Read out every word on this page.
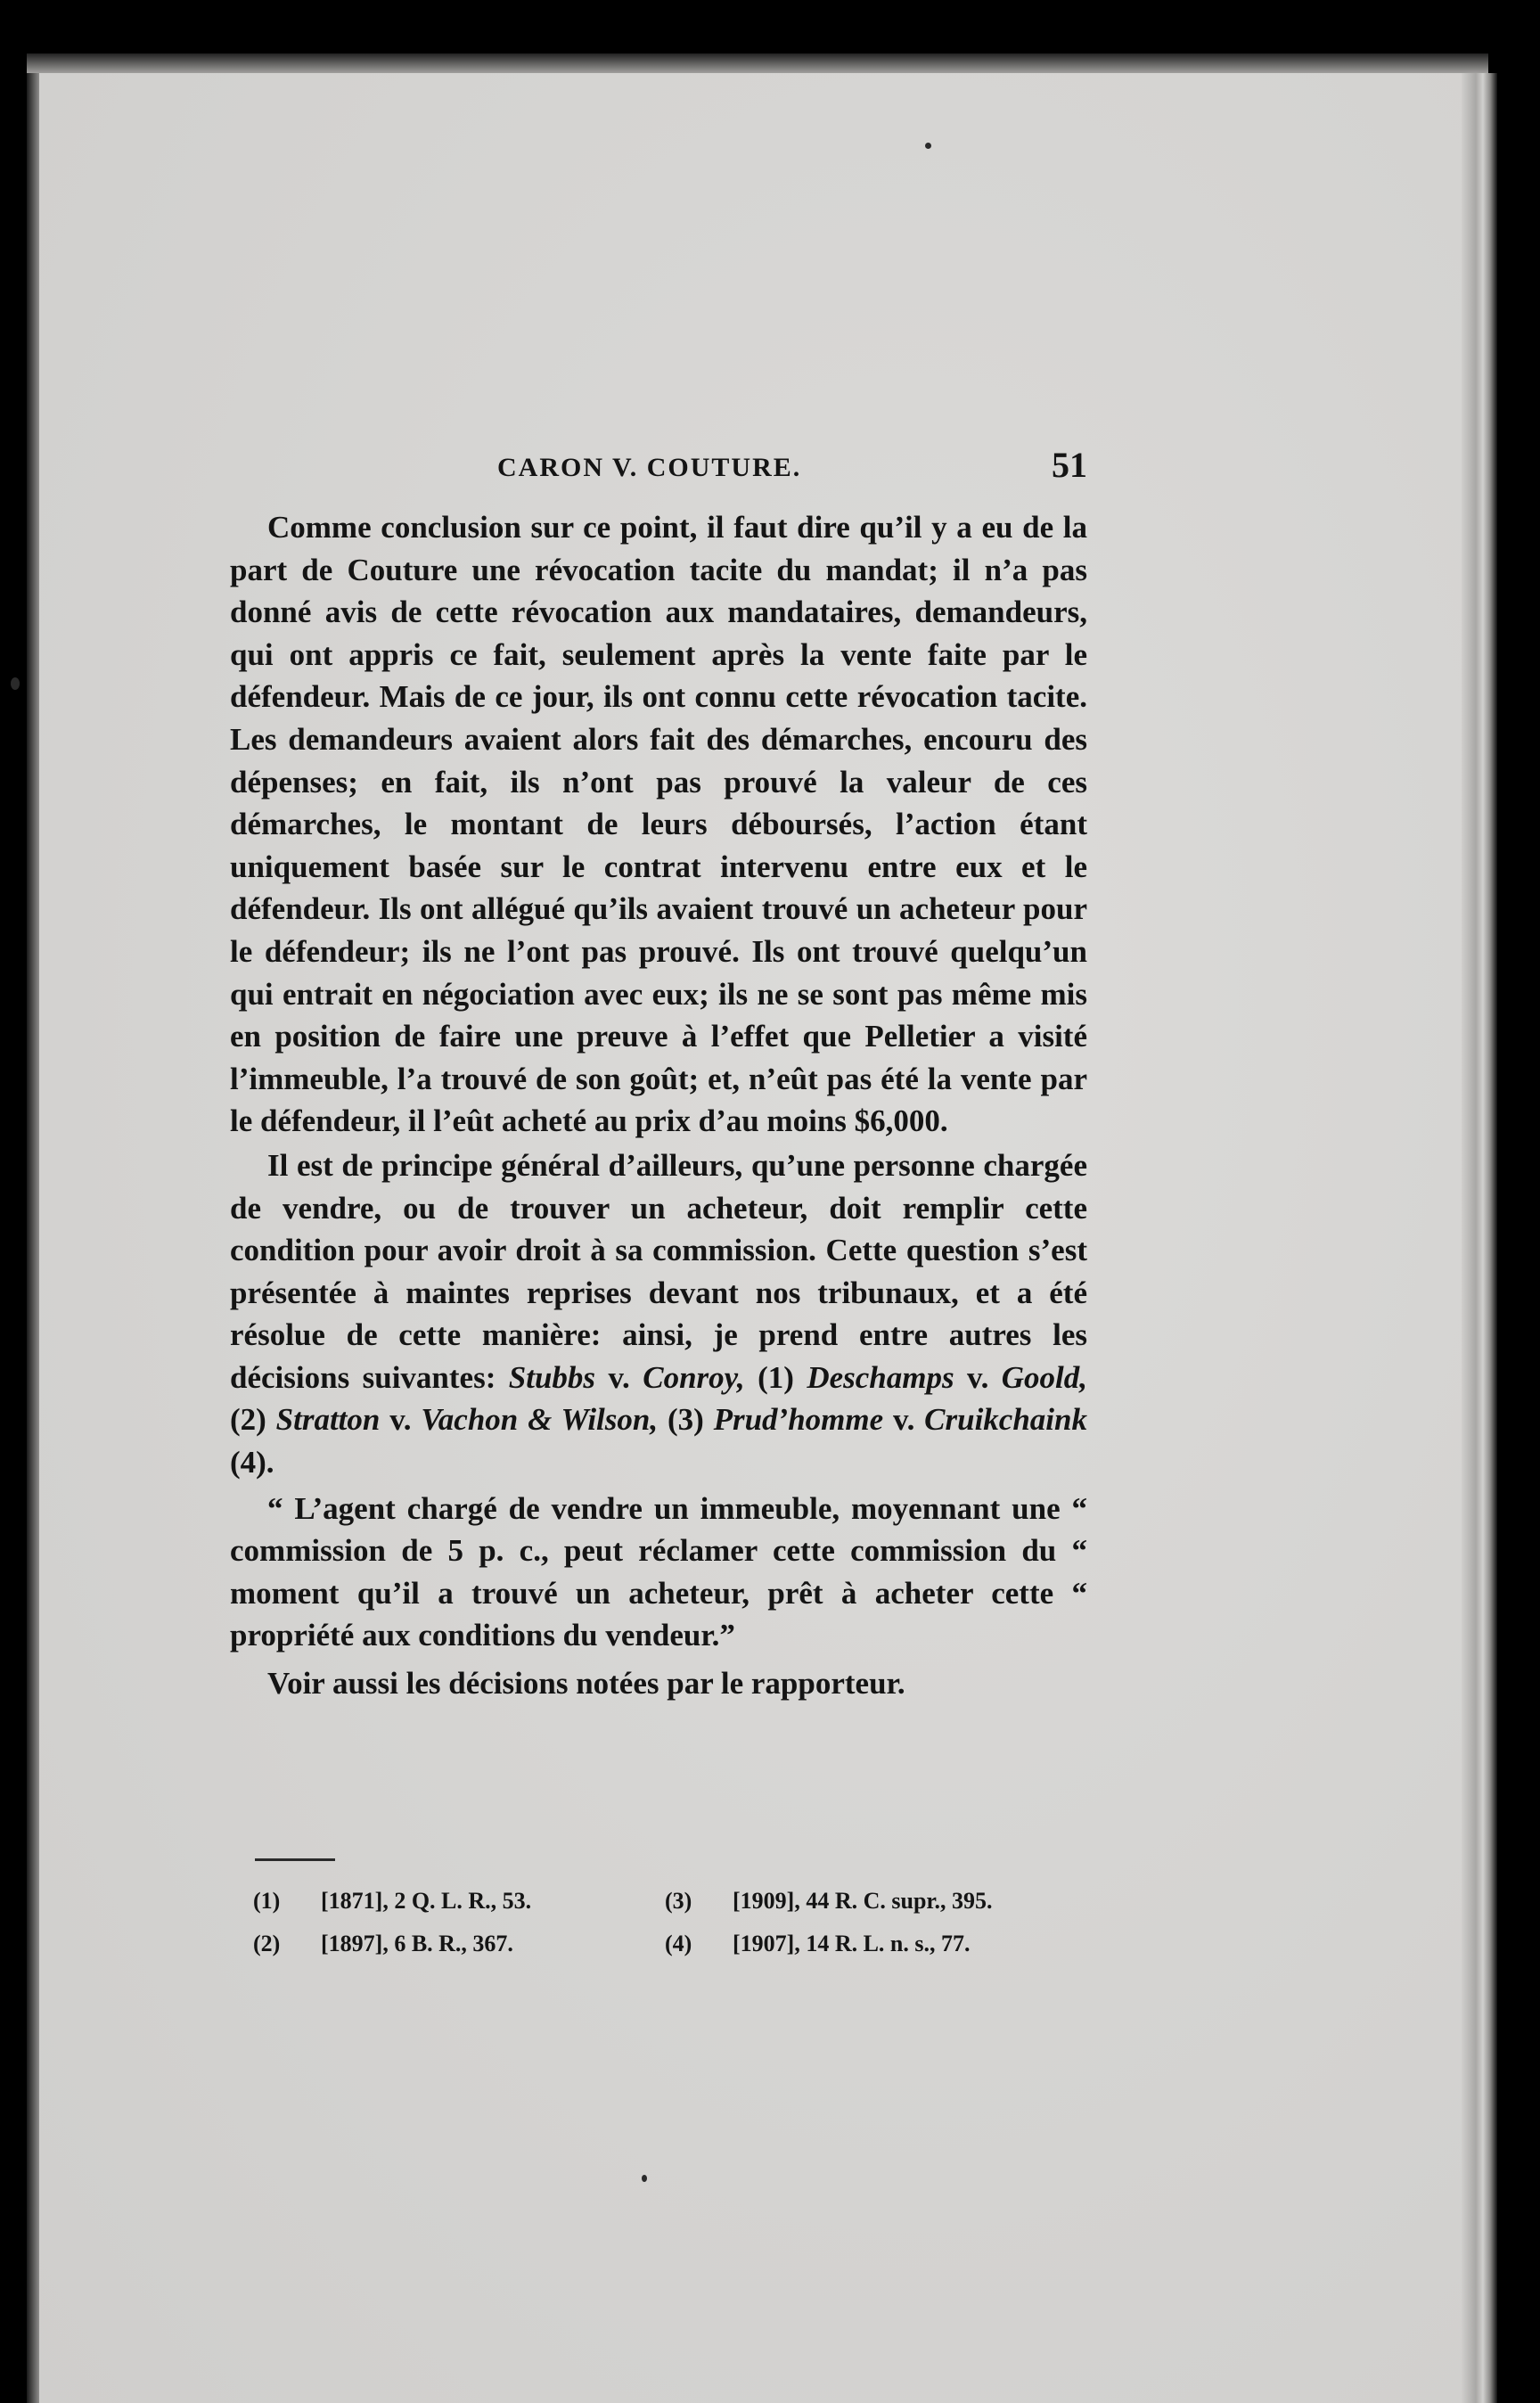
CARON V. COUTURE.	51

Comme conclusion sur ce point, il faut dire qu’il y a eu de la part de Couture une révocation tacite du mandat; il n’a pas donné avis de cette révocation aux mandataires, demandeurs, qui ont appris ce fait, seulement après la vente faite par le défendeur. Mais de ce jour, ils ont connu cette révocation tacite. Les demandeurs avaient alors fait des démarches, encouru des dépenses; en fait, ils n’ont pas prouvé la valeur de ces démarches, le montant de leurs déboursés, l’action étant uniquement basée sur le contrat intervenu entre eux et le défendeur. Ils ont allégué qu’ils avaient trouvé un acheteur pour le défendeur; ils ne l’ont pas prouvé. Ils ont trouvé quelqu’un qui entrait en négociation avec eux; ils ne se sont pas même mis en position de faire une preuve à l’effet que Pelletier a visité l’immeuble, l’a trouvé de son goût; et, n’eût pas été la vente par le défendeur, il l’eût acheté au prix d’au moins $6,000.

Il est de principe général d’ailleurs, qu’une personne chargée de vendre, ou de trouver un acheteur, doit remplir cette condition pour avoir droit à sa commission. Cette question s’est présentée à maintes reprises devant nos tribunaux, et a été résolue de cette manière: ainsi, je prend entre autres les décisions suivantes: Stubbs v. Conroy, (1) Deschamps v. Goold, (2) Stratton v. Vachon & Wilson, (3) Prud’homme v. Cruikchaink (4).

“ L’agent chargé de vendre un immeuble, moyennant une “ commission de 5 p. c., peut réclamer cette commission du “ moment qu’il a trouvé un acheteur, prêt à acheter cette “ propriété aux conditions du vendeur.”

Voir aussi les décisions notées par le rapporteur.

(1) [1871], 2 Q. L. R., 53.	(3) [1909], 44 R. C. supr., 395.
(2) [1897], 6 B. R., 367.	(4) [1907], 14 R. L. n. s., 77.
